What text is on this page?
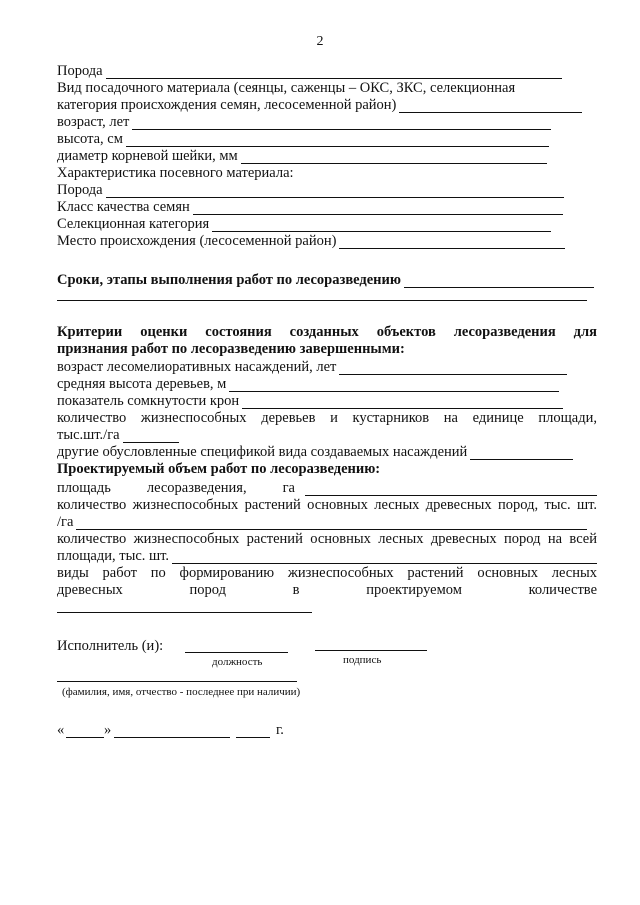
2
Порода
Вид посадочного материала (сеянцы, саженцы – ОКС, ЗКС, селекционная
категория происхождения семян, лесосеменной район)
возраст, лет
высота, см
диаметр корневой шейки, мм
Характеристика посевного материала:
Порода
Класс качества семян
Селекционная категория
Место происхождения (лесосеменной район)
Сроки, этапы выполнения работ по лесоразведению
Критерии оценки состояния созданных объектов лесоразведения для
признания работ по лесоразведению завершенными:
возраст лесомелиоративных насаждений, лет
средняя высота деревьев, м
показатель сомкнутости крон
количество жизнеспособных деревьев и кустарников на единице площади,
тыс.шт./га
другие обусловленные спецификой вида создаваемых насаждений
Проектируемый объем работ по лесоразведению:
площадь лесоразведения, га
количество жизнеспособных растений основных лесных древесных пород, тыс. шт.
/га
количество жизнеспособных растений основных лесных древесных пород на всей
площади, тыс. шт.
виды работ по формированию жизнеспособных растений основных лесных
древесных пород в проектируемом количестве
Исполнитель (и):
должность	подпись
(фамилия, имя, отчество - последнее при наличии)
«	»	г.
